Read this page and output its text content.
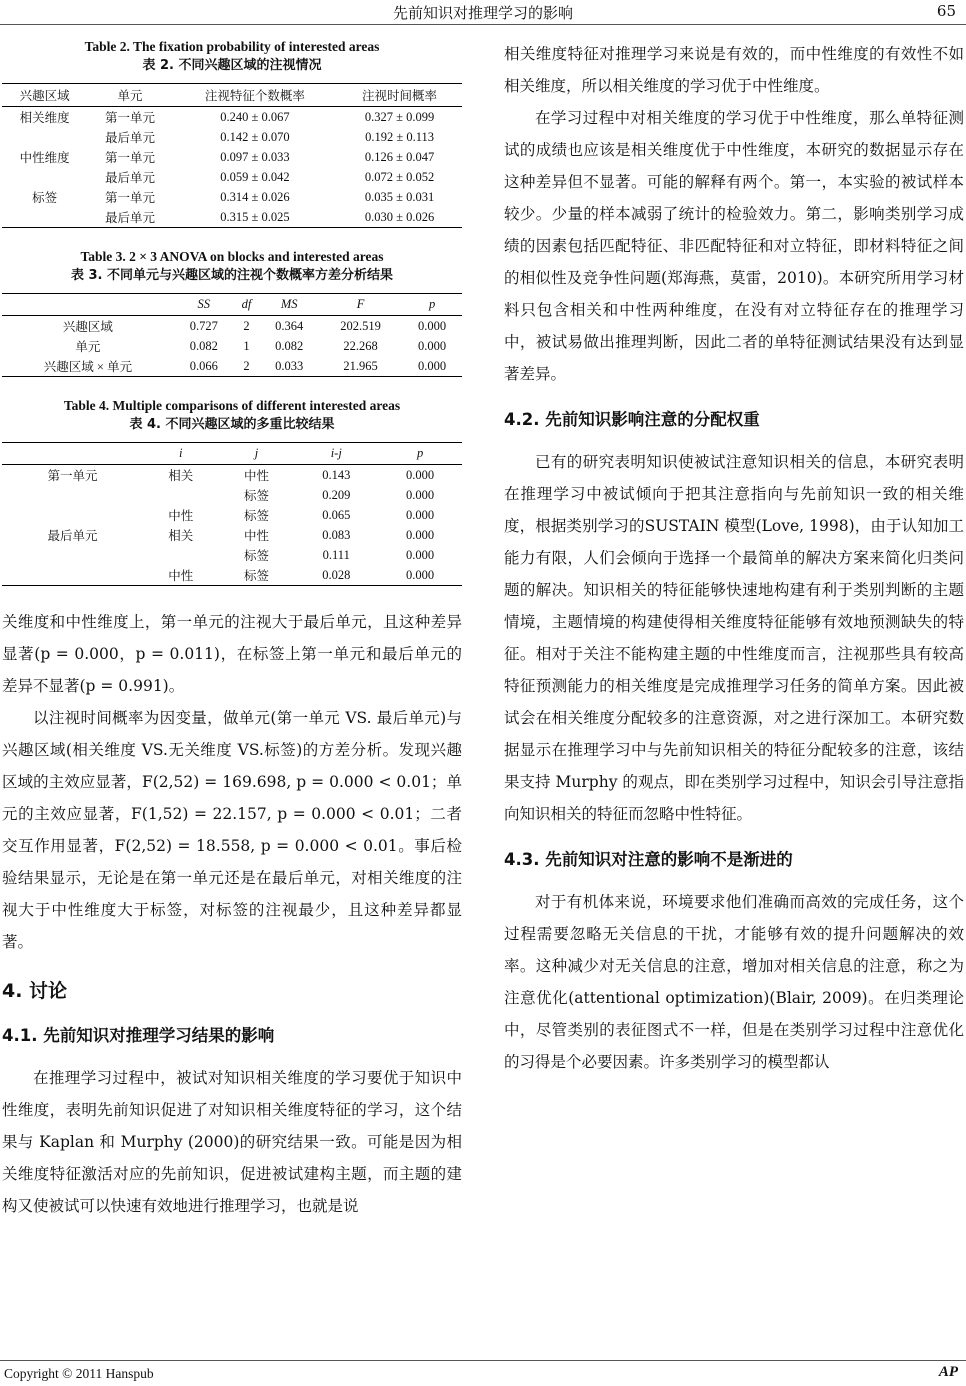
先前知识对推理学习的影响	65
Table 2. The fixation probability of interested areas
表 2. 不同兴趣区域的注视情况
兴趣区域	单元	注视特征个数概率	注视时间概率
相关维度	第一单元	0.240 ± 0.067	0.327 ± 0.099
	最后单元	0.142 ± 0.070	0.192 ± 0.113
中性维度	第一单元	0.097 ± 0.033	0.126 ± 0.047
	最后单元	0.059 ± 0.042	0.072 ± 0.052
标签	第一单元	0.314 ± 0.026	0.035 ± 0.031
	最后单元	0.315 ± 0.025	0.030 ± 0.026
Table 3. 2 × 3 ANOVA on blocks and interested areas
表 3. 不同单元与兴趣区域的注视个数概率方差分析结果
	SS	df	MS	F	p
兴趣区域	0.727	2	0.364	202.519	0.000
单元	0.082	1	0.082	22.268	0.000
兴趣区域 × 单元	0.066	2	0.033	21.965	0.000
Table 4. Multiple comparisons of different interested areas
表 4. 不同兴趣区域的多重比较结果
	i	j	i-j	p
第一单元	相关	中性	0.143	0.000
		标签	0.209	0.000
	中性	标签	0.065	0.000
最后单元	相关	中性	0.083	0.000
		标签	0.111	0.000
	中性	标签	0.028	0.000

关维度和中性维度上，第一单元的注视大于最后单元，且这种差异显著(p = 0.000，p = 0.011)，在标签上第一单元和最后单元的差异不显著(p = 0.991)。

以注视时间概率为因变量，做单元(第一单元 VS. 最后单元)与兴趣区域(相关维度 VS.无关维度 VS.标签)的方差分析。发现兴趣区域的主效应显著，F(2,52) = 169.698, p = 0.000 < 0.01；单元的主效应显著，F(1,52) = 22.157, p = 0.000 < 0.01；二者交互作用显著，F(2,52) = 18.558, p = 0.000 < 0.01。事后检验结果显示，无论是在第一单元还是在最后单元，对相关维度的注视大于中性维度大于标签，对标签的注视最少，且这种差异都显著。

4. 讨论
4.1. 先前知识对推理学习结果的影响

在推理学习过程中，被试对知识相关维度的学习要优于知识中性维度，表明先前知识促进了对知识相关维度特征的学习，这个结果与 Kaplan 和 Murphy (2000)的研究结果一致。可能是因为相关维度特征激活对应的先前知识，促进被试建构主题，而主题的建构又使被试可以快速有效地进行推理学习，也就是说

相关维度特征对推理学习来说是有效的，而中性维度的有效性不如相关维度，所以相关维度的学习优于中性维度。

在学习过程中对相关维度的学习优于中性维度，那么单特征测试的成绩也应该是相关维度优于中性维度，本研究的数据显示存在这种差异但不显著。可能的解释有两个。第一，本实验的被试样本较少。少量的样本减弱了统计的检验效力。第二，影响类别学习成绩的因素包括匹配特征、非匹配特征和对立特征，即材料特征之间的相似性及竞争性问题(郑海燕，莫雷，2010)。本研究所用学习材料只包含相关和中性两种维度，在没有对立特征存在的推理学习中，被试易做出推理判断，因此二者的单特征测试结果没有达到显著差异。

4.2. 先前知识影响注意的分配权重

已有的研究表明知识使被试注意知识相关的信息，本研究表明在推理学习中被试倾向于把其注意指向与先前知识一致的相关维度，根据类别学习的SUSTAIN 模型(Love, 1998)，由于认知加工能力有限，人们会倾向于选择一个最简单的解决方案来简化归类问题的解决。知识相关的特征能够快速地构建有利于类别判断的主题情境，主题情境的构建使得相关维度特征能够有效地预测缺失的特征。相对于关注不能构建主题的中性维度而言，注视那些具有较高特征预测能力的相关维度是完成推理学习任务的简单方案。因此被试会在相关维度分配较多的注意资源，对之进行深加工。本研究数据显示在推理学习中与先前知识相关的特征分配较多的注意，该结果支持 Murphy 的观点，即在类别学习过程中，知识会引导注意指向知识相关的特征而忽略中性特征。

4.3. 先前知识对注意的影响不是渐进的

对于有机体来说，环境要求他们准确而高效的完成任务，这个过程需要忽略无关信息的干扰，才能够有效的提升问题解决的效率。这种减少对无关信息的注意，增加对相关信息的注意，称之为注意优化(attentional optimization)(Blair, 2009)。在归类理论中，尽管类别的表征图式不一样，但是在类别学习过程中注意优化的习得是个必要因素。许多类别学习的模型都认

Copyright © 2011 Hanspub	AP
